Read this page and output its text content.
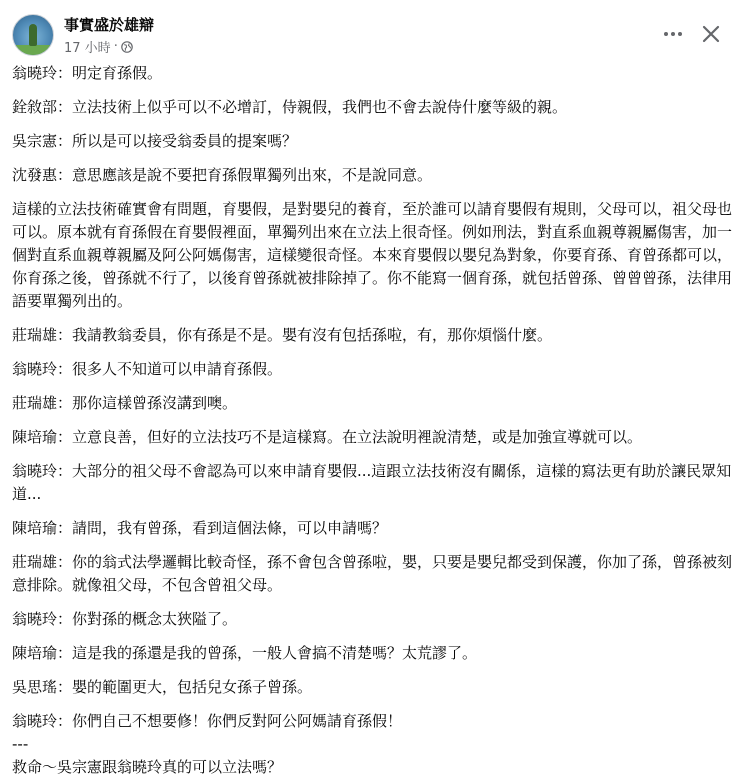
事實盛於雄辯
17 小時 ·

翁曉玲：明定育孫假。

銓敘部：立法技術上似乎可以不必增訂，侍親假，我們也不會去說侍什麼等級的親。

吳宗憲：所以是可以接受翁委員的提案嗎？

沈發惠：意思應該是說不要把育孫假單獨列出來，不是說同意。

這樣的立法技術確實會有問題，育嬰假，是對嬰兒的養育，至於誰可以請育嬰假有規則，父母可以，祖父母也可以。原本就有育孫假在育嬰假裡面，單獨列出來在立法上很奇怪。例如刑法，對直系血親尊親屬傷害，加一個對直系血親尊親屬及阿公阿媽傷害，這樣變很奇怪。本來育嬰假以嬰兒為對象，你要育孫、育曾孫都可以，你育孫之後，曾孫就不行了，以後育曾孫就被排除掉了。你不能寫一個育孫，就包括曾孫、曾曾曾孫，法律用語要單獨列出的。

莊瑞雄：我請教翁委員，你有孫是不是。嬰有沒有包括孫啦，有，那你煩惱什麼。

翁曉玲：很多人不知道可以申請育孫假。

莊瑞雄：那你這樣曾孫沒講到噢。

陳培瑜：立意良善，但好的立法技巧不是這樣寫。在立法說明裡說清楚，或是加強宣導就可以。

翁曉玲：大部分的祖父母不會認為可以來申請育嬰假...這跟立法技術沒有關係，這樣的寫法更有助於讓民眾知道...

陳培瑜：請問，我有曾孫，看到這個法條，可以申請嗎？

莊瑞雄：你的翁式法學邏輯比較奇怪，孫不會包含曾孫啦，嬰，只要是嬰兒都受到保護，你加了孫，曾孫被刻意排除。就像祖父母，不包含曾祖父母。

翁曉玲：你對孫的概念太狹隘了。

陳培瑜：這是我的孫還是我的曾孫，一般人會搞不清楚嗎？太荒謬了。

吳思瑤：嬰的範圍更大，包括兒女孫子曾孫。

翁曉玲：你們自己不想要修！你們反對阿公阿媽請育孫假！

---

救命～吳宗憲跟翁曉玲真的可以立法嗎？
